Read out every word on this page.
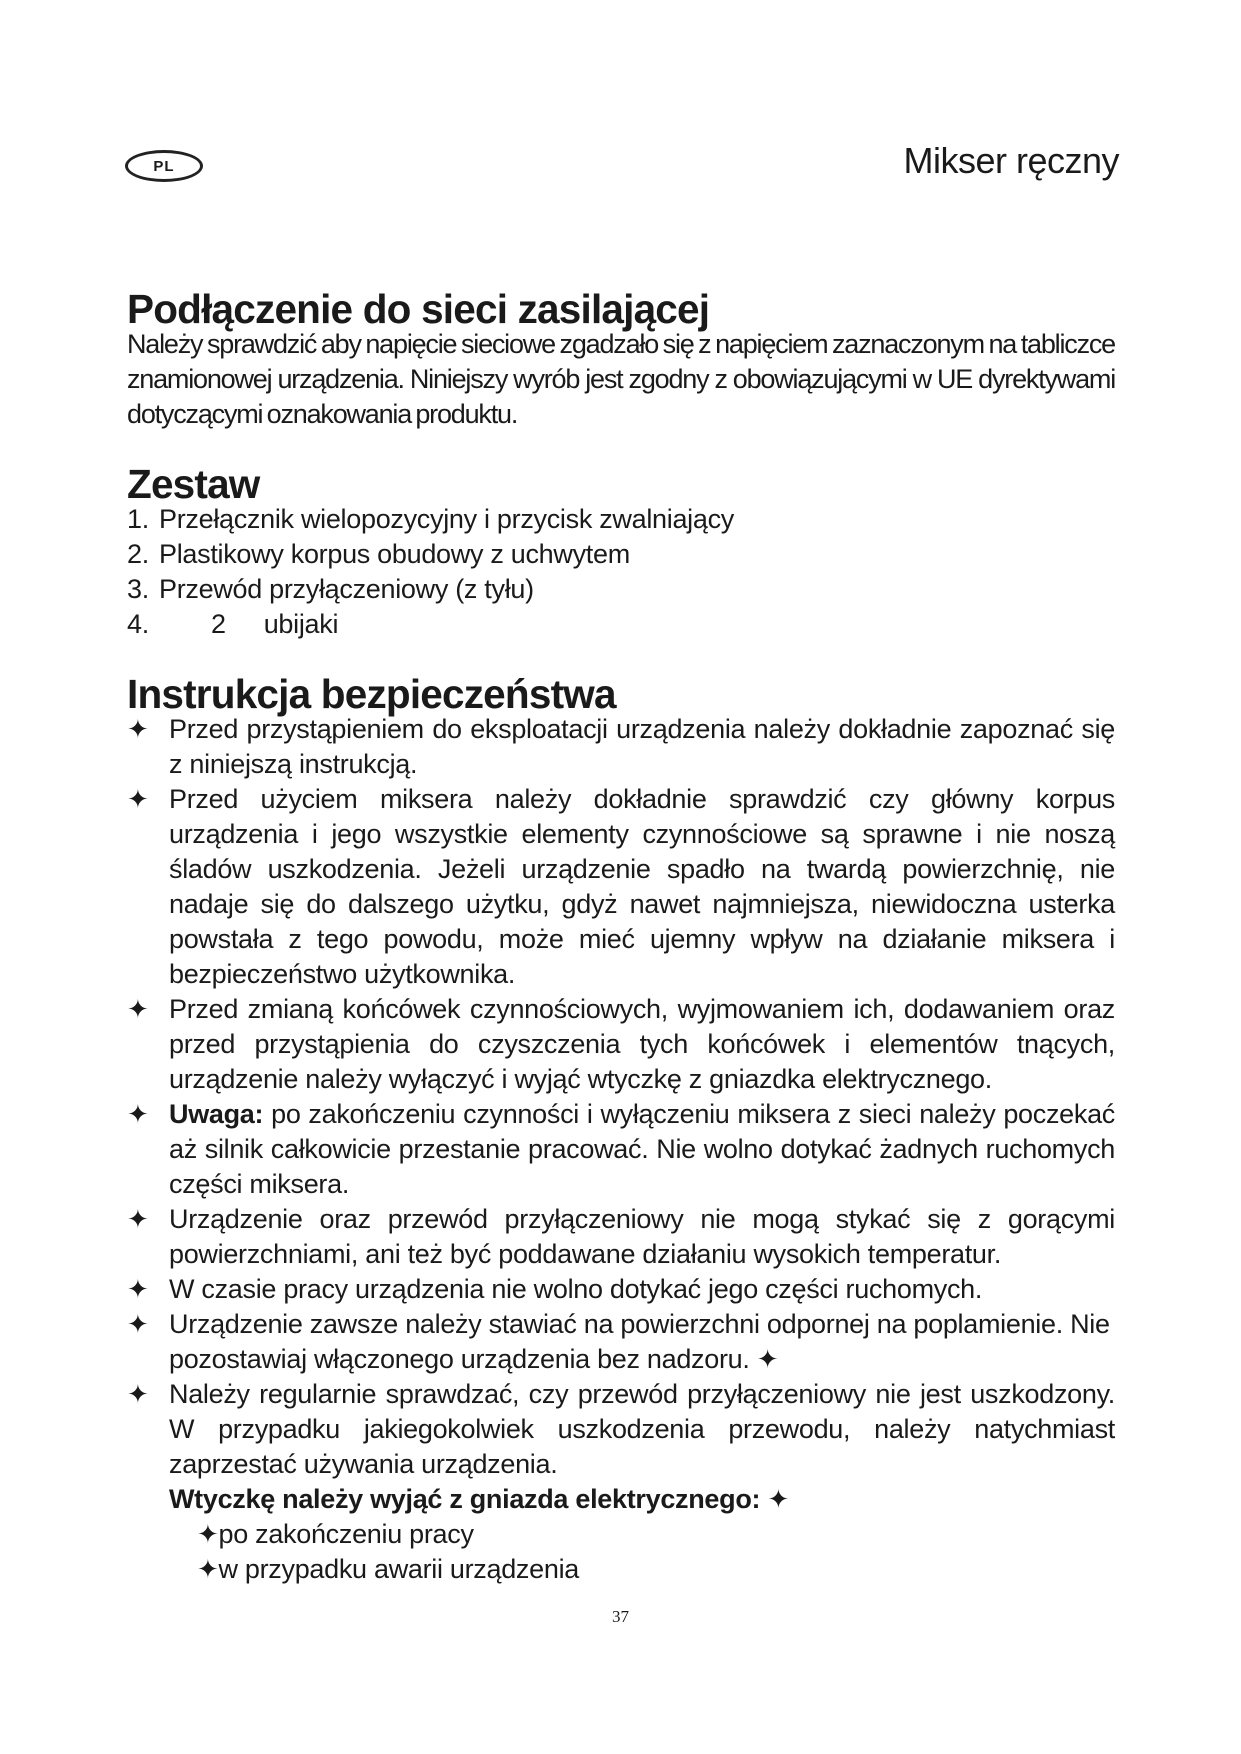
PL	Mikser ręczny
Podłączenie do sieci zasilającej

Należy sprawdzić aby napięcie sieciowe zgadzało się z napięciem zaznaczonym na tabliczce znamionowej urządzenia. Niniejszy wyrób jest zgodny z obowiązującymi w UE dyrektywami dotyczącymi oznakowania produktu.

Zestaw
1. Przełącznik wielopozycyjny i przycisk zwalniający
2. Plastikowy korpus obudowy z uchwytem
3. Przewód przyłączeniowy (z tyłu)
4.	2	ubijaki
Instrukcja bezpieczeństwa
✦ Przed przystąpieniem do eksploatacji urządzenia należy dokładnie zapoznać się z niniejszą instrukcją.
✦ Przed użyciem miksera należy dokładnie sprawdzić czy główny korpus urządzenia i jego wszystkie elementy czynnościowe są sprawne i nie noszą śladów uszkodzenia. Jeżeli urządzenie spadło na twardą powierzchnię, nie nadaje się do dalszego użytku, gdyż nawet najmniejsza, niewidoczna usterka powstała z tego powodu, może mieć ujemny wpływ na działanie miksera i bezpieczeństwo użytkownika.
✦ Przed zmianą końcówek czynnościowych, wyjmowaniem ich, dodawaniem oraz przed przystąpienia do czyszczenia tych końcówek i elementów tnących, urządzenie należy wyłączyć i wyjąć wtyczkę z gniazdka elektrycznego.
✦ Uwaga: po zakończeniu czynności i wyłączeniu miksera z sieci należy poczekać aż silnik całkowicie przestanie pracować. Nie wolno dotykać żadnych ruchomych części miksera.
✦ Urządzenie oraz przewód przyłączeniowy nie mogą stykać się z gorącymi powierzchniami, ani też być poddawane działaniu wysokich temperatur.
✦ W czasie pracy urządzenia nie wolno dotykać jego części ruchomych.
✦ Urządzenie zawsze należy stawiać na powierzchni odpornej na poplamienie. Nie pozostawiaj włączonego urządzenia bez nadzoru. ✦
✦ Należy regularnie sprawdzać, czy przewód przyłączeniowy nie jest uszkodzony. W przypadku jakiegokolwiek uszkodzenia przewodu, należy natychmiast zaprzestać używania urządzenia.

Wtyczkę należy wyjąć z gniazda elektrycznego: ✦

✦po zakończeniu pracy

✦w przypadku awarii urządzenia

37
